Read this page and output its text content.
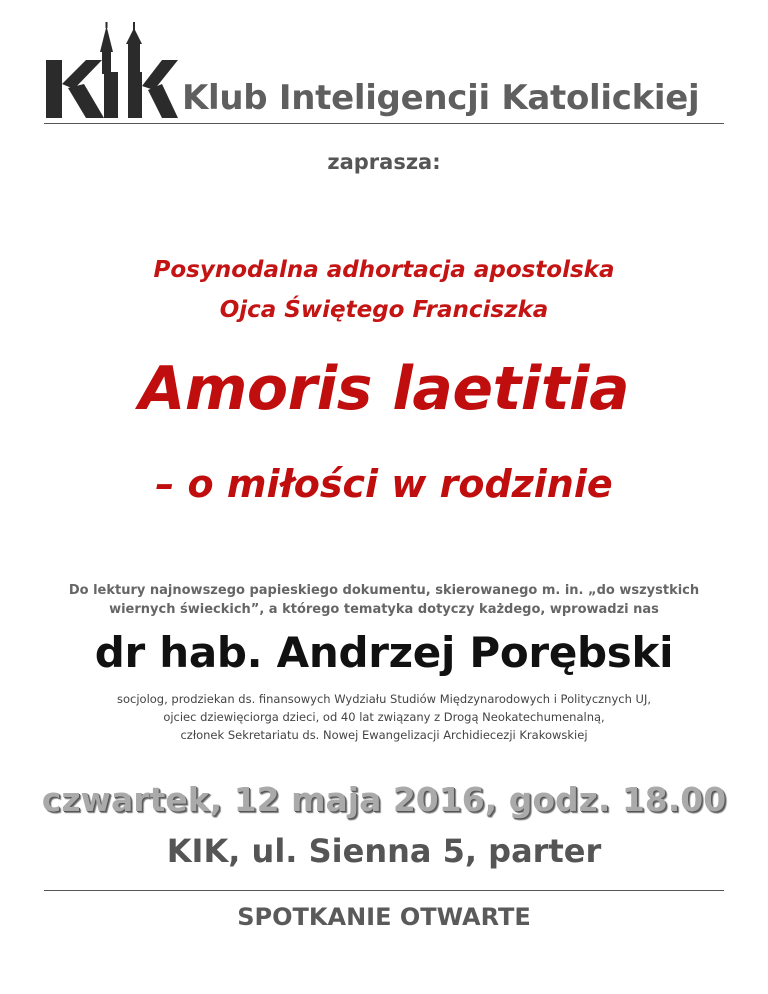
Klub Inteligencji Katolickiej
zaprasza:
Posynodalna adhortacja apostolska
Ojca Świętego Franciszka
Amoris laetitia
– o miłości w rodzinie
Do lektury najnowszego papieskiego dokumentu, skierowanego m. in. „do wszystkich
wiernych świeckich”, a którego tematyka dotyczy każdego, wprowadzi nas
dr hab. Andrzej Porębski
socjolog, prodziekan ds. finansowych Wydziału Studiów Międzynarodowych i Politycznych UJ,
ojciec dziewięciorga dzieci, od 40 lat związany z Drogą Neokatechumenalną,
członek Sekretariatu ds. Nowej Ewangelizacji Archidiecezji Krakowskiej
czwartek, 12 maja 2016, godz. 18.00
KIK, ul. Sienna 5, parter
SPOTKANIE OTWARTE
